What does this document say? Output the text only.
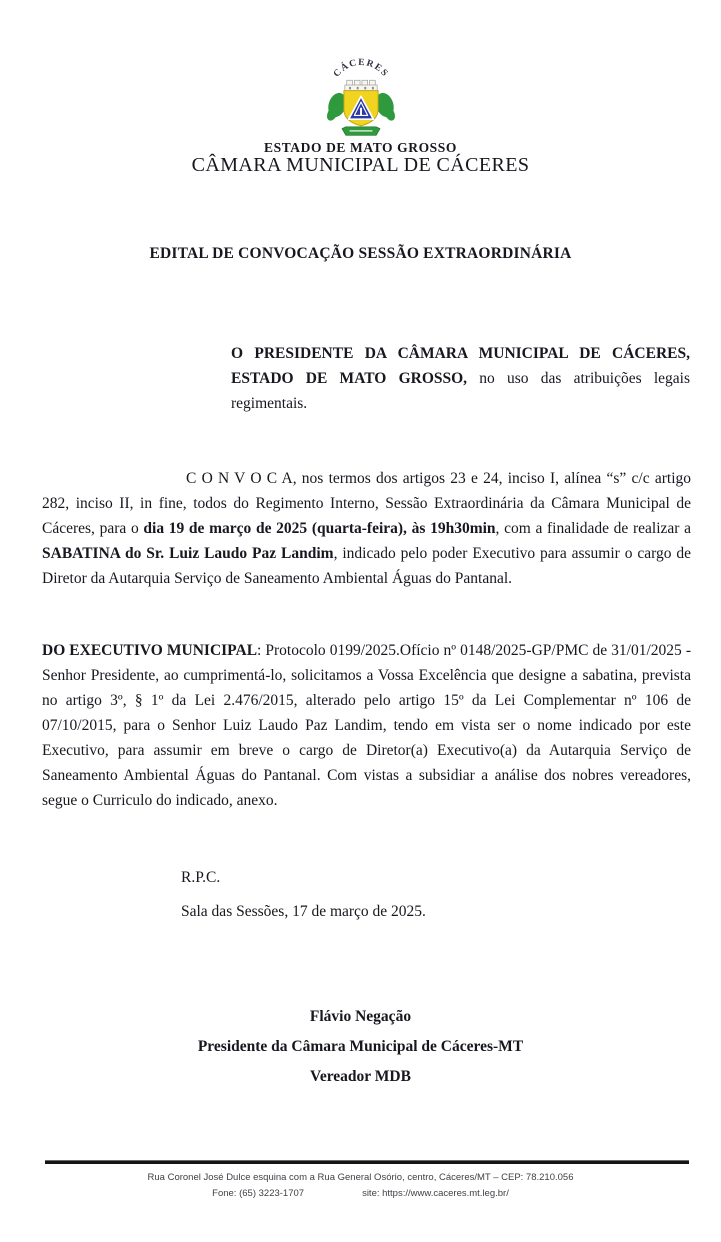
CÁCERES
ESTADO DE MATO GROSSO
CÂMARA MUNICIPAL DE CÁCERES
EDITAL DE CONVOCAÇÃO SESSÃO EXTRAORDINÁRIA
O PRESIDENTE DA CÂMARA MUNICIPAL DE CÁCERES, ESTADO DE MATO GROSSO, no uso das atribuições legais regimentais.
C O N V O C A, nos termos dos artigos 23 e 24, inciso I, alínea “s” c/c artigo 282, inciso II, in fine, todos do Regimento Interno, Sessão Extraordinária da Câmara Municipal de Cáceres, para o dia 19 de março de 2025 (quarta-feira), às 19h30min, com a finalidade de realizar a SABATINA do Sr. Luiz Laudo Paz Landim, indicado pelo poder Executivo para assumir o cargo de Diretor da Autarquia Serviço de Saneamento Ambiental Águas do Pantanal.
DO EXECUTIVO MUNICIPAL: Protocolo 0199/2025.Ofício nº 0148/2025-GP/PMC de 31/01/2025 - Senhor Presidente, ao cumprimentá-lo, solicitamos a Vossa Excelência que designe a sabatina, prevista no artigo 3º, § 1º da Lei 2.476/2015, alterado pelo artigo 15º da Lei Complementar nº 106 de 07/10/2015, para o Senhor Luiz Laudo Paz Landim, tendo em vista ser o nome indicado por este Executivo, para assumir em breve o cargo de Diretor(a) Executivo(a) da Autarquia Serviço de Saneamento Ambiental Águas do Pantanal. Com vistas a subsidiar a análise dos nobres vereadores, segue o Curriculo do indicado, anexo.
R.P.C.
Sala das Sessões, 17 de março de 2025.
Flávio Negação
Presidente da Câmara Municipal de Cáceres-MT
Vereador MDB
Rua Coronel José Dulce esquina com a Rua General Osório, centro, Cáceres/MT – CEP: 78.210.056
Fone: (65) 3223-1707	site: https://www.caceres.mt.leg.br/
